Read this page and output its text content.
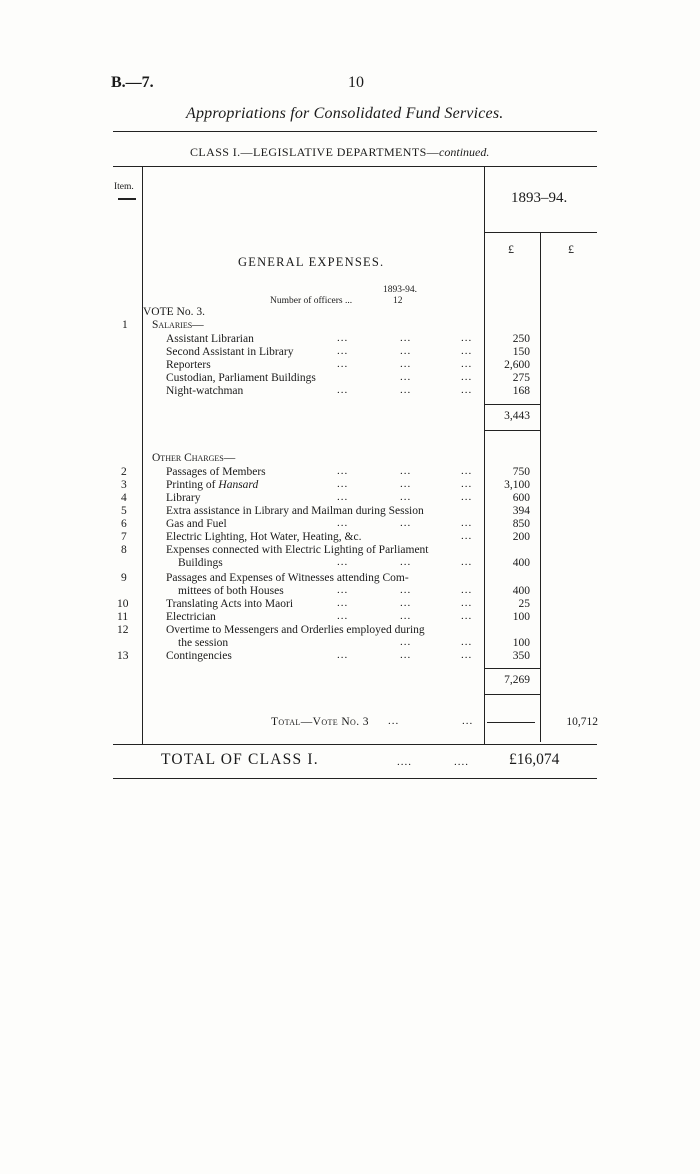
B.—7.	10
Appropriations for Consolidated Fund Services.
CLASS I.—LEGISLATIVE DEPARTMENTS—continued.
Item.
1893–94.
£	£
GENERAL EXPENSES.
1893-94.
Number of officers ...	12
VOTE No. 3.
1 Salaries—
Assistant Librarian	...	...	...	250
Second Assistant in Library	...	...	...	150
Reporters	...	...	...	2,600
Custodian, Parliament Buildings	...	...	275
Night-watchman	...	...	...	168
3,443
Other Charges—
2	Passages of Members	...	...	...	750
3	Printing of Hansard	...	...	...	3,100
4	Library	...	...	...	600
5	Extra assistance in Library and Mailman during Session	394
6	Gas and Fuel	...	...	...	850
7	Electric Lighting, Hot Water, Heating, &c.	...	200
8	Expenses connected with Electric Lighting of Parliament
Buildings	...	...	...	400
9	Passages and Expenses of Witnesses attending Com-
mittees of both Houses	...	...	...	400
10	Translating Acts into Maori	...	...	...	25
11	Electrician	...	...	...	100
12	Overtime to Messengers and Orderlies employed during
the session	...	...	100
13	Contingencies	...	...	...	350
7,269
Total—Vote No. 3 ...	...	10,712
TOTAL OF CLASS I.	....	....	£16,074
